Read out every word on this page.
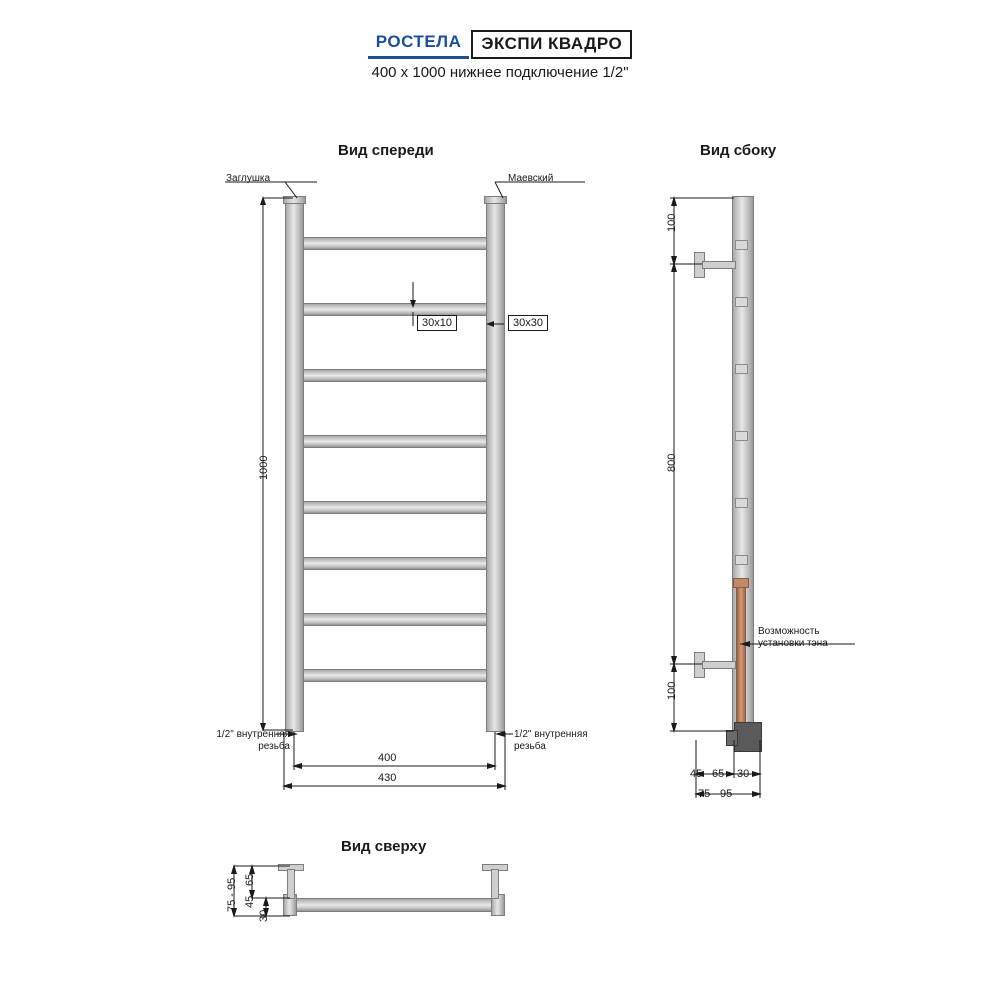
РОСТЕЛА	ЭКСПИ КВАДРО
400 x 1000 нижнее подключение 1/2"
Вид спереди	Вид сбоку
Вид сверху
Заглушка	Маевский
30x10	30x30
1000
1/2" внутренняя
резьба
1/2" внутренняя
резьба
400
430
100
800
100
Возможность
установки тэна
45 - 65 30
75 - 95
75 - 95 45 - 65
30
